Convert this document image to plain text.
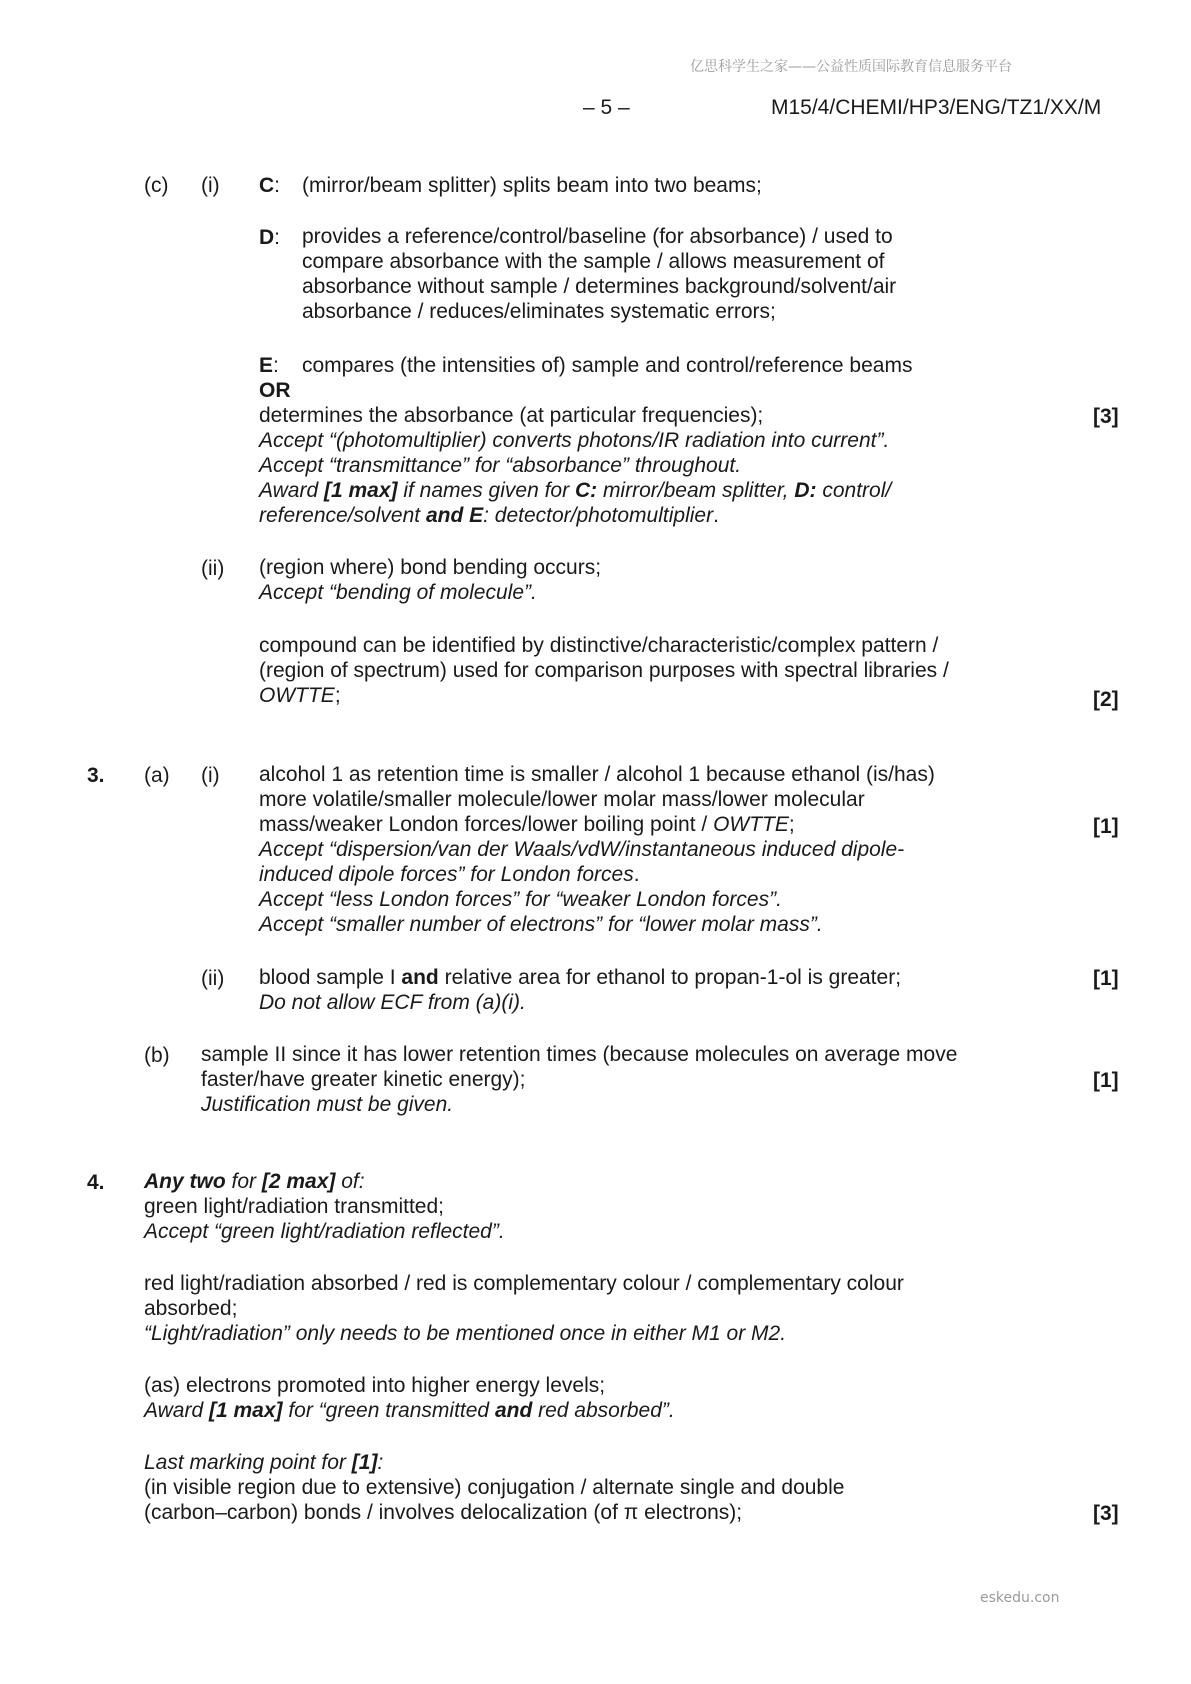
亿思科学生之家——公益性质国际教育信息服务平台
– 5 –	M15/4/CHEMI/HP3/ENG/TZ1/XX/M
(c) (i) C: (mirror/beam splitter) splits beam into two beams;
D: provides a reference/control/baseline (for absorbance) / used to
compare absorbance with the sample / allows measurement of
absorbance without sample / determines background/solvent/air
absorbance / reduces/eliminates systematic errors;
E: compares (the intensities of) sample and control/reference beams
OR
determines the absorbance (at particular frequencies);
Accept “(photomultiplier) converts photons/IR radiation into current”.
Accept “transmittance” for “absorbance” throughout.
Award [1 max] if names given for C: mirror/beam splitter, D: control/
reference/solvent and E: detector/photomultiplier.
[3]
(ii) (region where) bond bending occurs;
Accept “bending of molecule”.
compound can be identified by distinctive/characteristic/complex pattern /
(region of spectrum) used for comparison purposes with spectral libraries /
OWTTE;	[2]
3. (a) (i) alcohol 1 as retention time is smaller / alcohol 1 because ethanol (is/has)
more volatile/smaller molecule/lower molar mass/lower molecular
mass/weaker London forces/lower boiling point / OWTTE;
Accept “dispersion/van der Waals/vdW/instantaneous induced dipole-
induced dipole forces” for London forces.
Accept “less London forces” for “weaker London forces”.
Accept “smaller number of electrons” for “lower molar mass”.
[1]
(ii) blood sample I and relative area for ethanol to propan-1-ol is greater;
Do not allow ECF from (a)(i).
[1]
(b) sample II since it has lower retention times (because molecules on average move
faster/have greater kinetic energy);
Justification must be given.
[1]
4. Any two for [2 max] of:
green light/radiation transmitted;
Accept “green light/radiation reflected”.
red light/radiation absorbed / red is complementary colour / complementary colour
absorbed;
“Light/radiation” only needs to be mentioned once in either M1 or M2.
(as) electrons promoted into higher energy levels;
Award [1 max] for “green transmitted and red absorbed”.
Last marking point for [1]:
(in visible region due to extensive) conjugation / alternate single and double
(carbon–carbon) bonds / involves delocalization (of π electrons);	[3]
eskedu.con
